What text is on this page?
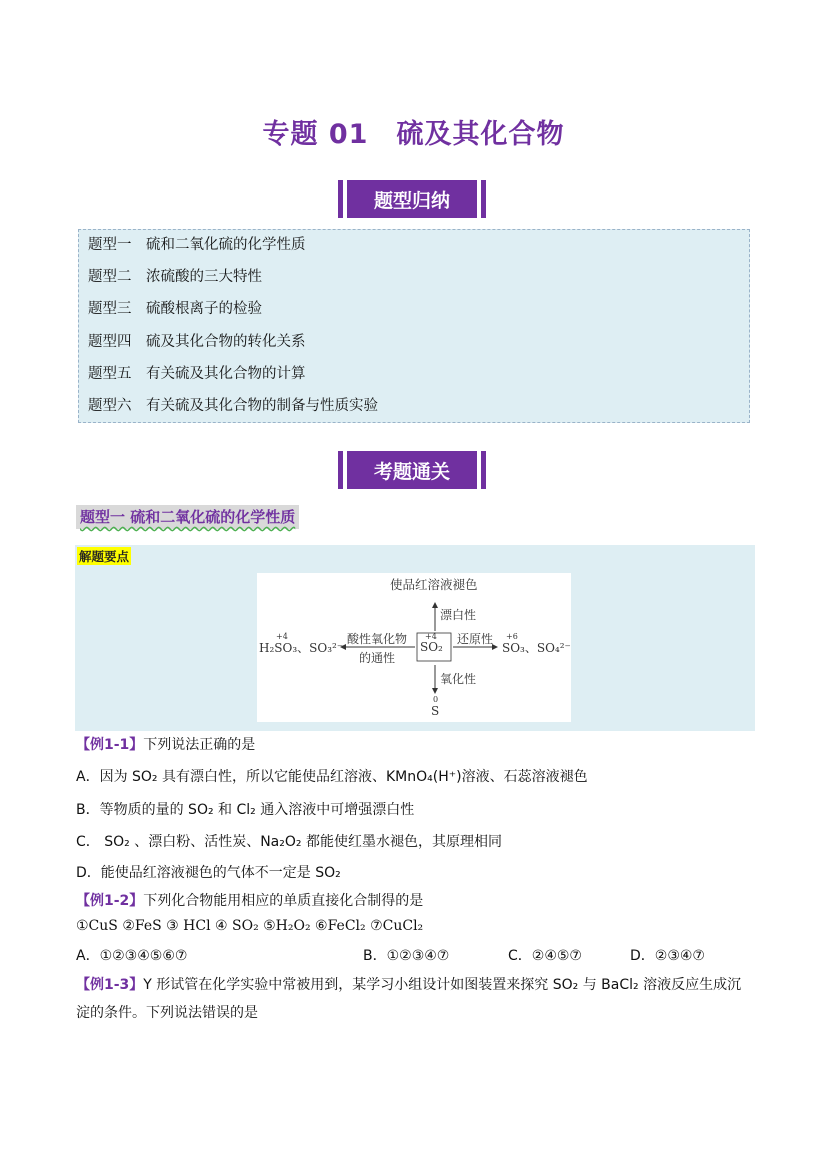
专题 01　硫及其化合物
题型归纳
题型一 硫和二氧化硫的化学性质
题型二 浓硫酸的三大特性
题型三 硫酸根离子的检验
题型四 硫及其化合物的转化关系
题型五 有关硫及其化合物的计算
题型六 有关硫及其化合物的制备与性质实验
考题通关
题型一 硫和二氧化硫的化学性质
解题要点
使品红溶液褪色
漂白性
酸性氧化物
的通性
还原性
氧化性
+4
H₂SO₃、SO₃²⁻
+4
SO₂
+6
SO₃、SO₄²⁻
0
S
【例1-1】下列说法正确的是
A．因为 SO₂ 具有漂白性，所以它能使品红溶液、KMnO₄(H⁺)溶液、石蕊溶液褪色
B．等物质的量的 SO₂ 和 Cl₂ 通入溶液中可增强漂白性
C． SO₂ 、漂白粉、活性炭、Na₂O₂ 都能使红墨水褪色，其原理相同
D．能使品红溶液褪色的气体不一定是 SO₂
【例1-2】下列化合物能用相应的单质直接化合制得的是
①CuS ②FeS ③ HCl ④ SO₂ ⑤H₂O₂ ⑥FeCl₂ ⑦CuCl₂
A．①②③④⑤⑥⑦	B．①②③④⑦	C．②④⑤⑦	D．②③④⑦
【例1-3】Y 形试管在化学实验中常被用到，某学习小组设计如图装置来探究 SO₂ 与 BaCl₂ 溶液反应生成沉
淀的条件。下列说法错误的是
